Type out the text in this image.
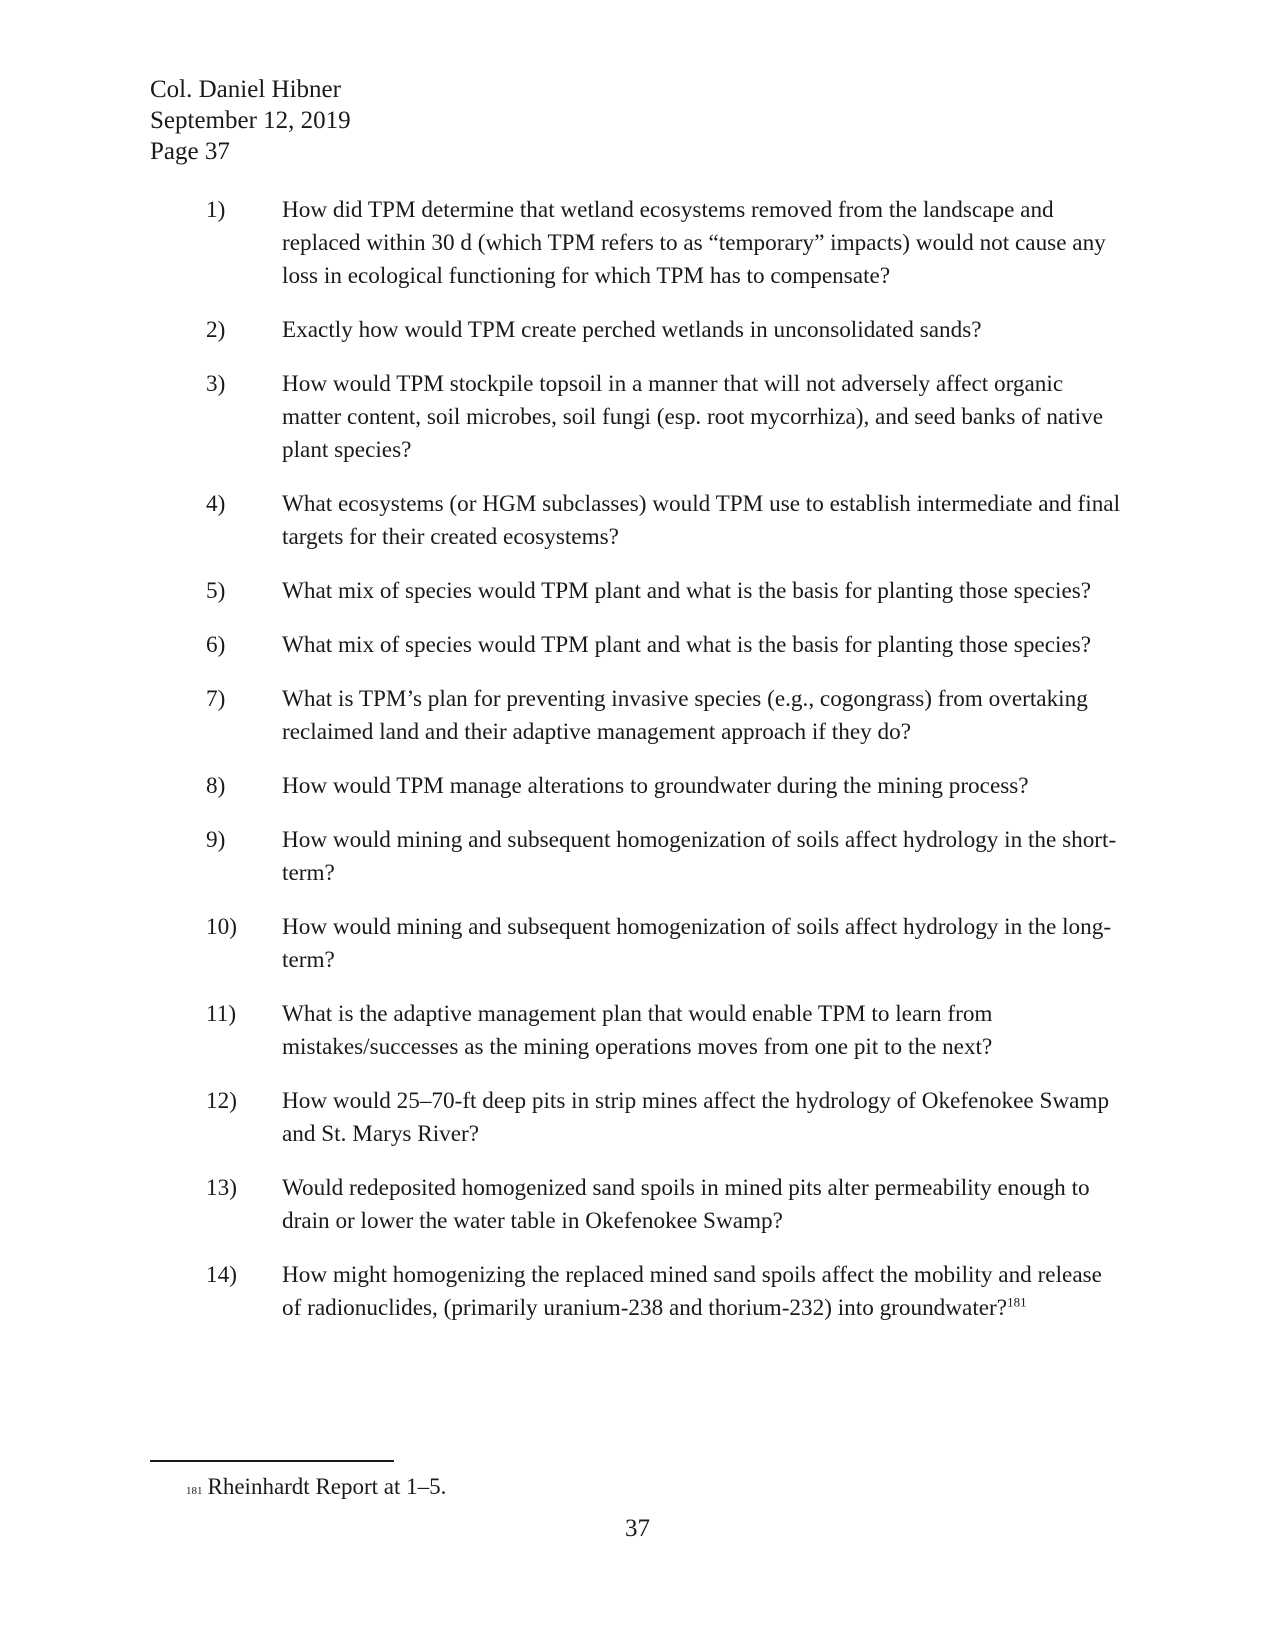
Col. Daniel Hibner
September 12, 2019
Page 37
1)	How did TPM determine that wetland ecosystems removed from the landscape and replaced within 30 d (which TPM refers to as “temporary” impacts) would not cause any loss in ecological functioning for which TPM has to compensate?
2)	Exactly how would TPM create perched wetlands in unconsolidated sands?
3)	How would TPM stockpile topsoil in a manner that will not adversely affect organic matter content, soil microbes, soil fungi (esp. root mycorrhiza), and seed banks of native plant species?
4)	What ecosystems (or HGM subclasses) would TPM use to establish intermediate and final targets for their created ecosystems?
5)	What mix of species would TPM plant and what is the basis for planting those species?
6)	What mix of species would TPM plant and what is the basis for planting those species?
7)	What is TPM’s plan for preventing invasive species (e.g., cogongrass) from overtaking reclaimed land and their adaptive management approach if they do?
8)	How would TPM manage alterations to groundwater during the mining process?
9)	How would mining and subsequent homogenization of soils affect hydrology in the short-term?
10)	How would mining and subsequent homogenization of soils affect hydrology in the long-term?
11)	What is the adaptive management plan that would enable TPM to learn from mistakes/successes as the mining operations moves from one pit to the next?
12)	How would 25–70-ft deep pits in strip mines affect the hydrology of Okefenokee Swamp and St. Marys River?
13)	Would redeposited homogenized sand spoils in mined pits alter permeability enough to drain or lower the water table in Okefenokee Swamp?
14)	How might homogenizing the replaced mined sand spoils affect the mobility and release of radionuclides, (primarily uranium-238 and thorium-232) into groundwater?$^{181}$
$^{181}$ Rheinhardt Report at 1–5.
37
